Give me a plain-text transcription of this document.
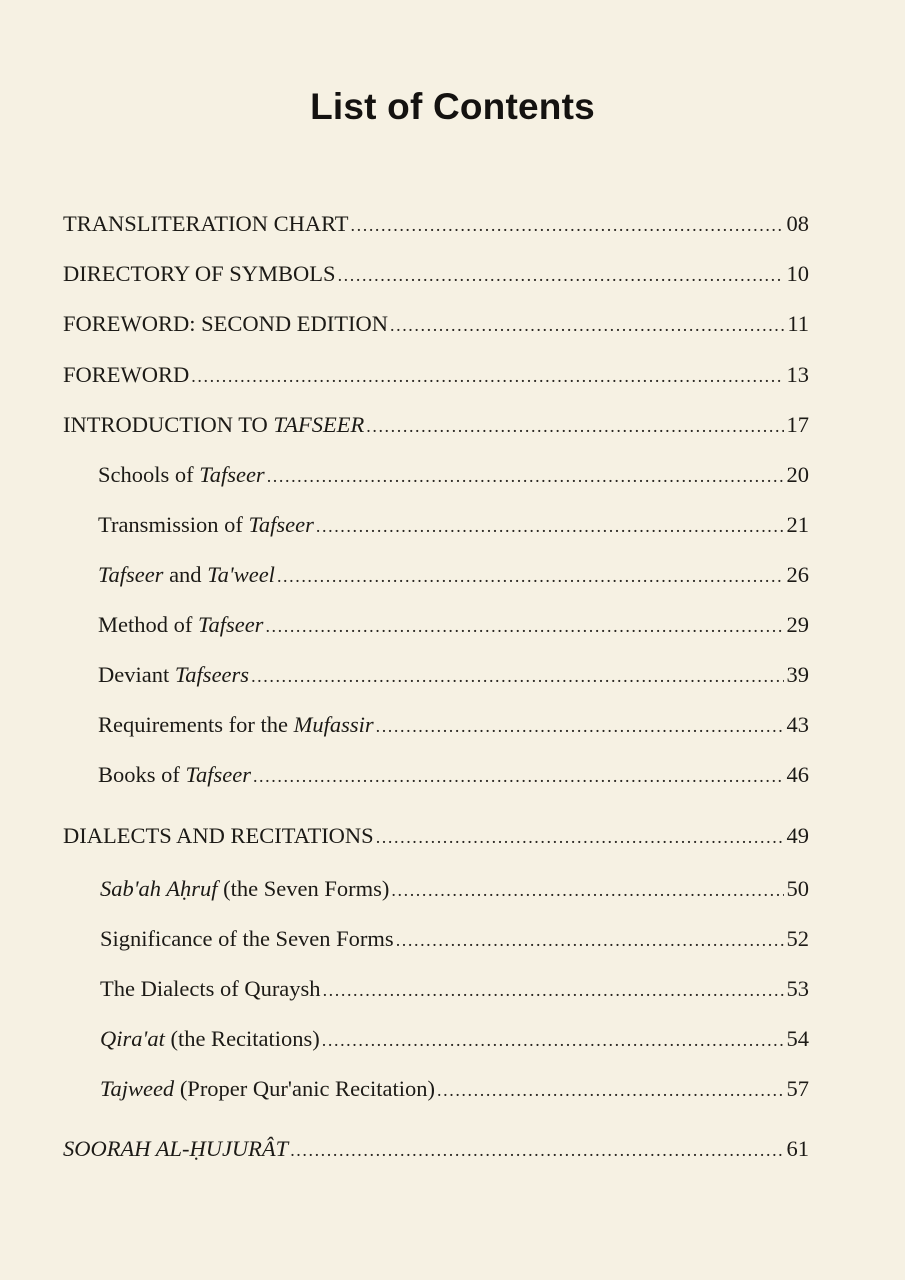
List of Contents
TRANSLITERATION CHART .....	08
DIRECTORY OF SYMBOLS .....	10
FOREWORD: SECOND EDITION .....	11
FOREWORD .....	13
INTRODUCTION TO TAFSEER .....	17
Schools of Tafseer .....	20
Transmission of Tafseer .....	21
Tafseer and Ta'weel .....	26
Method of Tafseer .....	29
Deviant Tafseers .....	39
Requirements for the Mufassir .....	43
Books of Tafseer .....	46
DIALECTS AND RECITATIONS .....	49
Sab'ah Aḥruf (the Seven Forms) .....	50
Significance of the Seven Forms .....	52
The Dialects of Quraysh .....	53
Qira'at (the Recitations) .....	54
Tajweed (Proper Qur'anic Recitation) .....	57
SOORAH AL-ḤUJURÂT .....	61
